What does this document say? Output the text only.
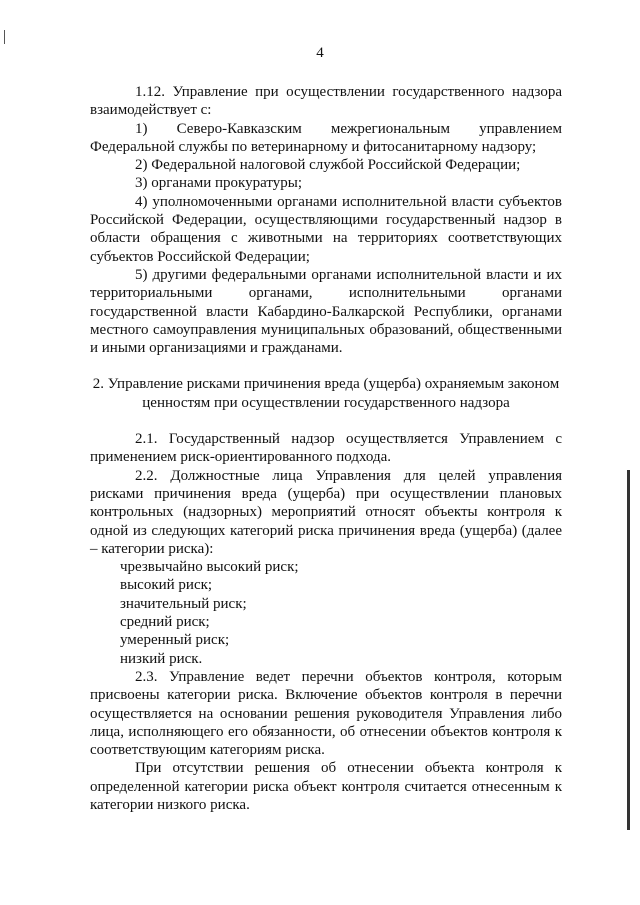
4

1.12. Управление при осуществлении государственного надзора взаимодействует с:

1) Северо-Кавказским межрегиональным управлением Федеральной службы по ветеринарному и фитосанитарному надзору;

2) Федеральной налоговой службой Российской Федерации;

3) органами прокуратуры;

4) уполномоченными органами исполнительной власти субъектов Российской Федерации, осуществляющими государственный надзор в области обращения с животными на территориях соответствующих субъектов Российской Федерации;

5) другими федеральными органами исполнительной власти и их территориальными органами, исполнительными органами государственной власти Кабардино-Балкарской Республики, органами местного самоуправления муниципальных образований, общественными и иными организациями и гражданами.

2. Управление рисками причинения вреда (ущерба) охраняемым законом ценностям при осуществлении государственного надзора

2.1. Государственный надзор осуществляется Управлением с применением риск-ориентированного подхода.

2.2. Должностные лица Управления для целей управления рисками причинения вреда (ущерба) при осуществлении плановых контрольных (надзорных) мероприятий относят объекты контроля к одной из следующих категорий риска причинения вреда (ущерба) (далее – категории риска):

чрезвычайно высокий риск;

высокий риск;

значительный риск;

средний риск;

умеренный риск;

низкий риск.

2.3. Управление ведет перечни объектов контроля, которым присвоены категории риска. Включение объектов контроля в перечни осуществляется на основании решения руководителя Управления либо лица, исполняющего его обязанности, об отнесении объектов контроля к соответствующим категориям риска.

При отсутствии решения об отнесении объекта контроля к определенной категории риска объект контроля считается отнесенным к категории низкого риска.
